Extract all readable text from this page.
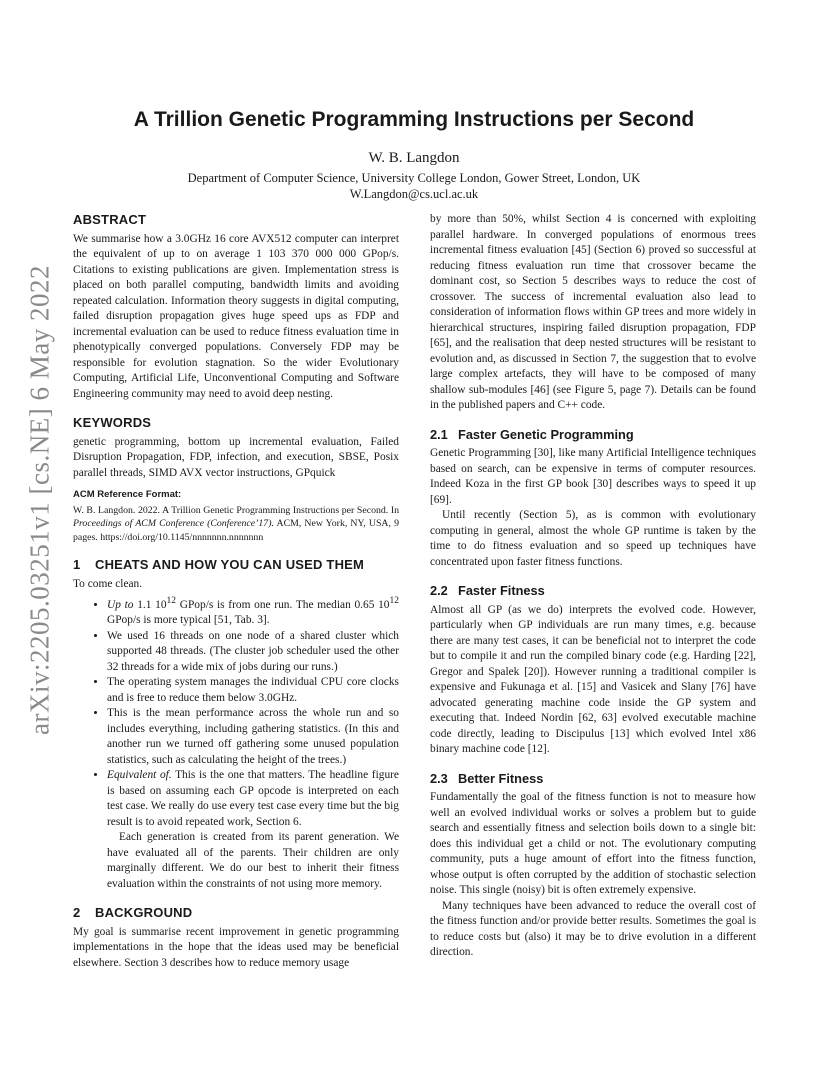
arXiv:2205.03251v1 [cs.NE] 6 May 2022
A Trillion Genetic Programming Instructions per Second
W. B. Langdon
Department of Computer Science, University College London, Gower Street, London, UK
W.Langdon@cs.ucl.ac.uk
ABSTRACT

We summarise how a 3.0GHz 16 core AVX512 computer can interpret the equivalent of up to on average 1 103 370 000 000 GPop/s. Citations to existing publications are given. Implementation stress is placed on both parallel computing, bandwidth limits and avoiding repeated calculation. Information theory suggests in digital computing, failed disruption propagation gives huge speed ups as FDP and incremental evaluation can be used to reduce fitness evaluation time in phenotypically converged populations. Conversely FDP may be responsible for evolution stagnation. So the wider Evolutionary Computing, Artificial Life, Unconventional Computing and Software Engineering community may need to avoid deep nesting.

KEYWORDS

genetic programming, bottom up incremental evaluation, Failed Disruption Propagation, FDP, infection, and execution, SBSE, Posix parallel threads, SIMD AVX vector instructions, GPquick

ACM Reference Format:

W. B. Langdon. 2022. A Trillion Genetic Programming Instructions per Second. In Proceedings of ACM Conference (Conference’17). ACM, New York, NY, USA, 9 pages. https://doi.org/10.1145/nnnnnnn.nnnnnnn

1 CHEATS AND HOW YOU CAN USED THEM

To come clean.

• Up to 1.1 $10^{12}$ GPop/s is from one run. The median 0.65 $10^{12}$ GPop/s is more typical [51, Tab. 3].
• We used 16 threads on one node of a shared cluster which supported 48 threads. (The cluster job scheduler used the other 32 threads for a wide mix of jobs during our runs.)
• The operating system manages the individual CPU core clocks and is free to reduce them below 3.0GHz.
• This is the mean performance across the whole run and so includes everything, including gathering statistics. (In this and another run we turned off gathering some unused population statistics, such as calculating the height of the trees.)
• Equivalent of. This is the one that matters. The headline figure is based on assuming each GP opcode is interpreted on each test case. We really do use every test case every time but the big result is to avoid repeated work, Section 6.

Each generation is created from its parent generation. We have evaluated all of the parents. Their children are only marginally different. We do our best to inherit their fitness evaluation within the constraints of not using more memory.

2 BACKGROUND

My goal is summarise recent improvement in genetic programming implementations in the hope that the ideas used may be beneficial elsewhere. Section 3 describes how to reduce memory usage

by more than 50%, whilst Section 4 is concerned with exploiting parallel hardware. In converged populations of enormous trees incremental fitness evaluation [45] (Section 6) proved so successful at reducing fitness evaluation run time that crossover became the dominant cost, so Section 5 describes ways to reduce the cost of crossover. The success of incremental evaluation also lead to consideration of information flows within GP trees and more widely in hierarchical structures, inspiring failed disruption propagation, FDP [65], and the realisation that deep nested structures will be resistant to evolution and, as discussed in Section 7, the suggestion that to evolve large complex artefacts, they will have to be composed of many shallow sub-modules [46] (see Figure 5, page 7). Details can be found in the published papers and C++ code.

2.1 Faster Genetic Programming

Genetic Programming [30], like many Artificial Intelligence techniques based on search, can be expensive in terms of computer resources. Indeed Koza in the first GP book [30] describes ways to speed it up [69].

Until recently (Section 5), as is common with evolutionary computing in general, almost the whole GP runtime is taken by the time to do fitness evaluation and so speed up techniques have concentrated upon faster fitness functions.

2.2 Faster Fitness

Almost all GP (as we do) interprets the evolved code. However, particularly when GP individuals are run many times, e.g. because there are many test cases, it can be beneficial not to interpret the code but to compile it and run the compiled binary code (e.g. Harding [22], Gregor and Spalek [20]). However running a traditional compiler is expensive and Fukunaga et al. [15] and Vasicek and Slany [76] have advocated generating machine code inside the GP system and executing that. Indeed Nordin [62, 63] evolved executable machine code directly, leading to Discipulus [13] which evolved Intel x86 binary machine code [12].

2.3 Better Fitness

Fundamentally the goal of the fitness function is not to measure how well an evolved individual works or solves a problem but to guide search and essentially fitness and selection boils down to a single bit: does this individual get a child or not. The evolutionary computing community, puts a huge amount of effort into the fitness function, whose output is often corrupted by the addition of stochastic selection noise. This single (noisy) bit is often extremely expensive.

Many techniques have been advanced to reduce the overall cost of the fitness function and/or provide better results. Sometimes the goal is to reduce costs but (also) it may be to drive evolution in a different direction.
